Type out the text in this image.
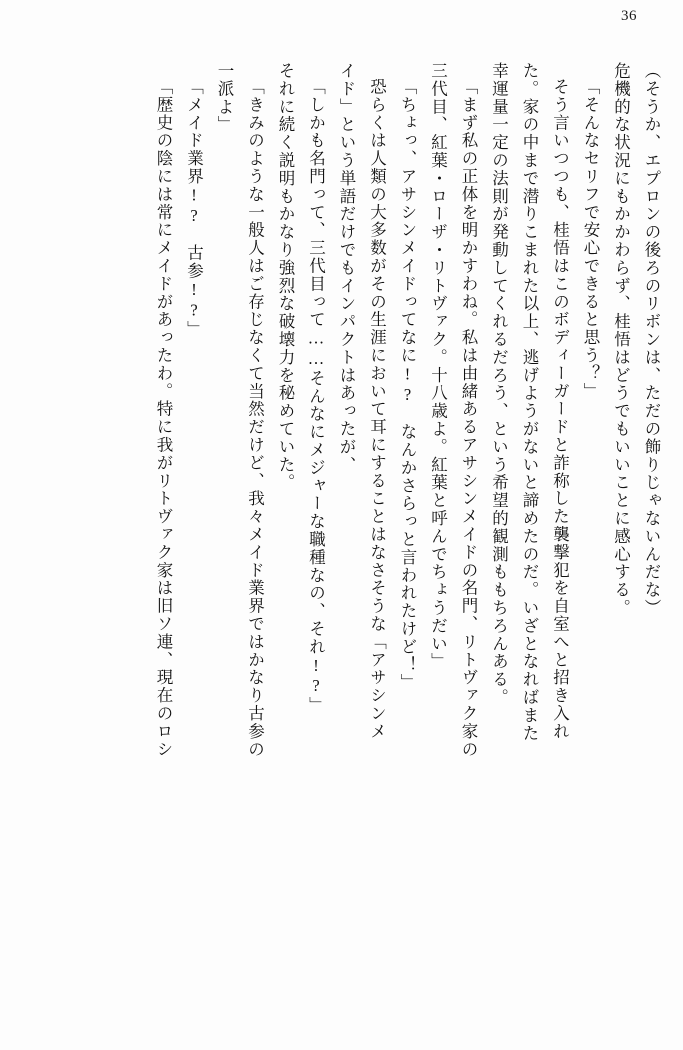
36
（そうか、エプロンの後ろのリボンは、ただの飾りじゃないんだな）
危機的な状況にもかかわらず、桂悟はどうでもいいことに感心する。
「そんなセリフで安心できると思う？」
そう言いつつも、桂悟はこのボディーガードと詐称した襲撃犯を自室へと招き入れ
た。家の中まで潜りこまれた以上、逃げようがないと諦めたのだ。いざとなればまた
幸運量一定の法則が発動してくれるだろう、という希望的観測ももちろんある。
「まず私の正体を明かすわね。私は由緒あるアサシンメイドの名門、リトヴァク家の
三代目、紅葉・ローザ・リトヴァク。十八歳よ。紅葉と呼んでちょうだい」
「ちょっ、アサシンメイドってなに!?　なんかさらっと言われたけど！」
恐らくは人類の大多数がその生涯において耳にすることはなさそうな「アサシンメ
イド」という単語だけでもインパクトはあったが、
「しかも名門って、三代目って……そんなにメジャーな職種なの、それ!?」
それに続く説明もかなり強烈な破壊力を秘めていた。
「きみのような一般人はご存じなくて当然だけど、我々メイド業界ではかなり古参の
一派よ」
「メイド業界!?　古参!?」
「歴史の陰には常にメイドがあったわ。特に我がリトヴァク家は旧ソ連、現在のロシ
